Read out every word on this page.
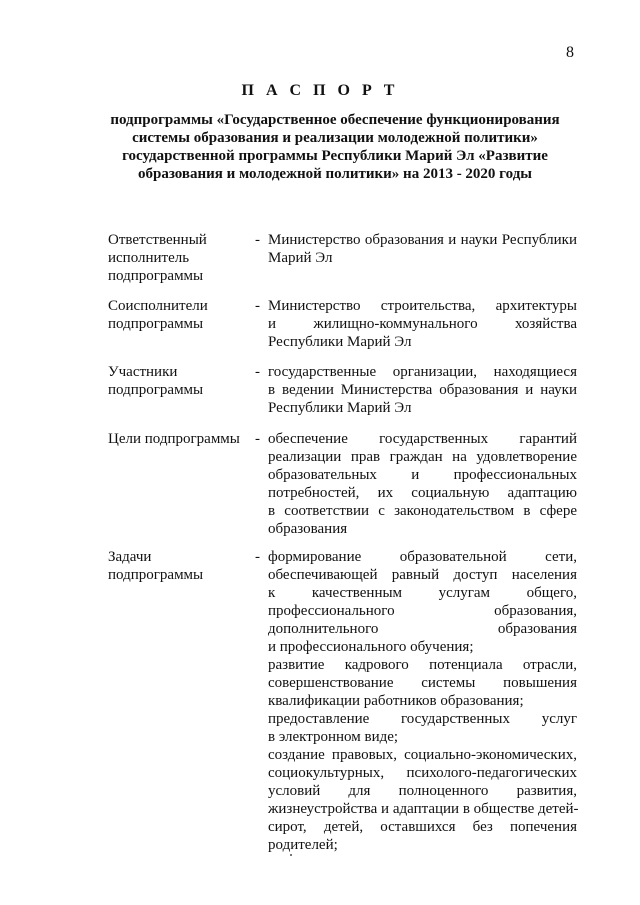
8
П А С П О Р Т
подпрограммы «Государственное обеспечение функционирования
системы образования и реализации молодежной политики»
государственной программы Республики Марий Эл «Развитие
образования и молодежной политики» на 2013 - 2020 годы
Ответственный
исполнитель
подпрограммы
- Министерство образования и науки Республики
Марий Эл
Соисполнители
подпрограммы
- Министерство строительства, архитектуры
и жилищно-коммунального хозяйства
Республики Марий Эл
Участники
подпрограммы
- государственные организации, находящиеся
в ведении Министерства образования и науки
Республики Марий Эл
Цели подпрограммы	- обеспечение государственных гарантий
реализации прав граждан на удовлетворение
образовательных и профессиональных
потребностей, их социальную адаптацию
в соответствии с законодательством в сфере
образования
Задачи
подпрограммы
- формирование образовательной сети,
обеспечивающей равный доступ населения
к качественным услугам общего,
профессионального образования,
дополнительного образования
и профессионального обучения;
развитие кадрового потенциала отрасли,
совершенствование системы повышения
квалификации работников образования;
предоставление государственных услуг
в электронном виде;
создание правовых, социально-экономических,
социокультурных, психолого-педагогических
условий для полноценного развития,
жизнеустройства и адаптации в обществе детей-
сирот, детей, оставшихся без попечения
родителей;
